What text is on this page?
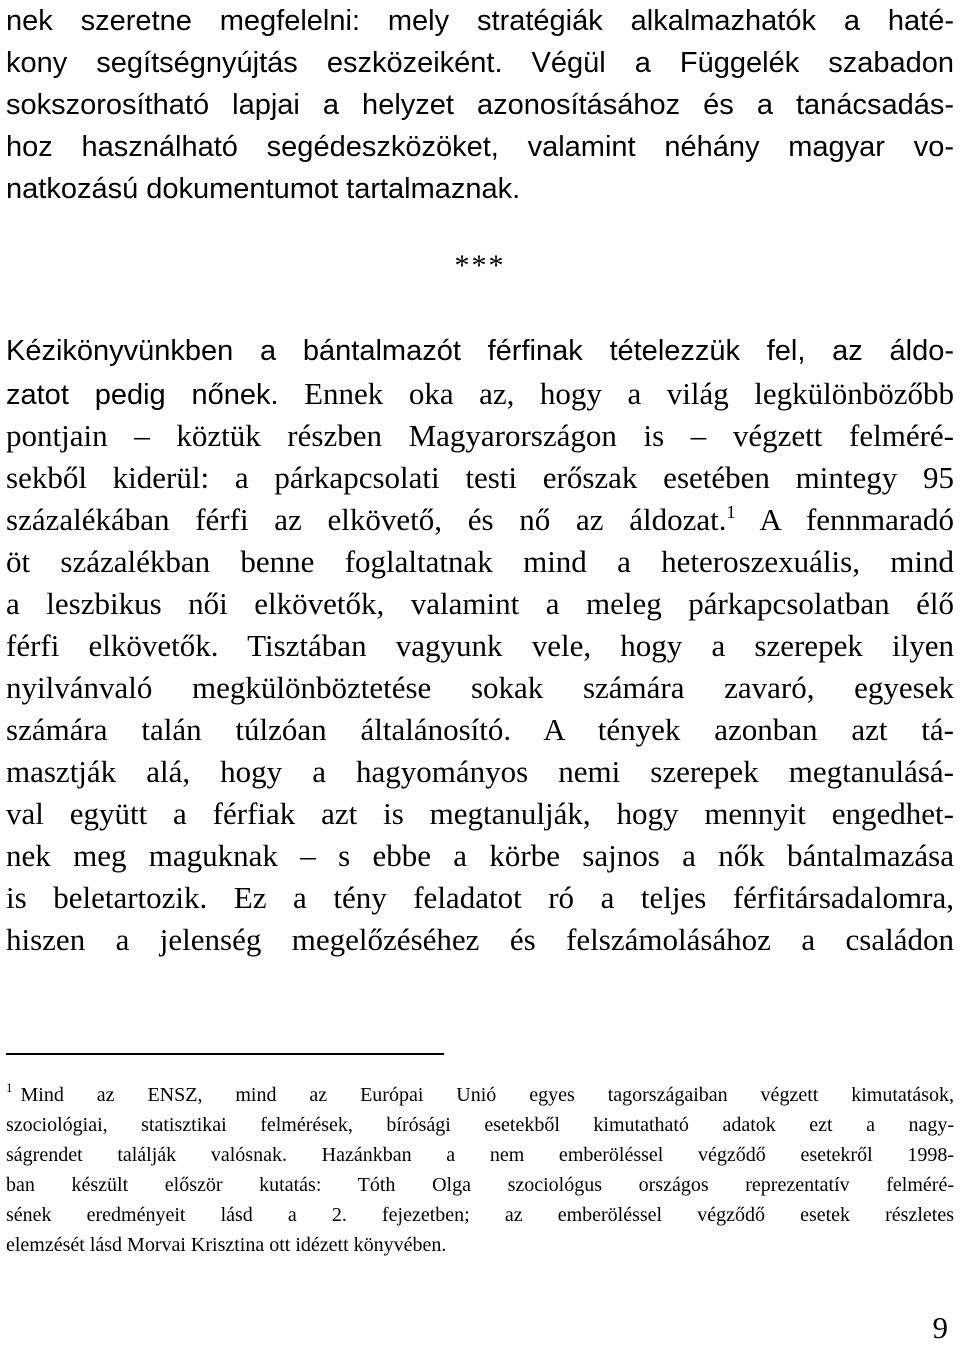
nek szeretne megfelelni: mely stratégiák alkalmazhatók a haté-
kony segítségnyújtás eszközeiként. Végül a Függelék szabadon
sokszorosítható lapjai a helyzet azonosításához és a tanácsadás-
hoz használható segédeszközöket, valamint néhány magyar vo-
natkozású dokumentumot tartalmaznak.
***
Kézikönyvünkben a bántalmazót férfinak tételezzük fel, az áldo-
zatot pedig nőnek. Ennek oka az, hogy a világ legkülönbözőbb
pontjain – köztük részben Magyarországon is – végzett felméré-
sekből kiderül: a párkapcsolati testi erőszak esetében mintegy 95
százalékában férfi az elkövető, és nő az áldozat.$^1$ A fennmaradó
öt százalékban benne foglaltatnak mind a heteroszexuális, mind
a leszbikus női elkövetők, valamint a meleg párkapcsolatban élő
férfi elkövetők. Tisztában vagyunk vele, hogy a szerepek ilyen
nyilvánvaló megkülönböztetése sokak számára zavaró, egyesek
számára talán túlzóan általánosító. A tények azonban azt tá-
masztják alá, hogy a hagyományos nemi szerepek megtanulásá-
val együtt a férfiak azt is megtanulják, hogy mennyit engedhet-
nek meg maguknak – s ebbe a körbe sajnos a nők bántalmazása
is beletartozik. Ez a tény feladatot ró a teljes férfitársadalomra,
hiszen a jelenség megelőzéséhez és felszámolásához a családon
$^1$ Mind az ENSZ, mind az Európai Unió egyes tagországaiban végzett kimutatások,
szociológiai, statisztikai felmérések, bírósági esetekből kimutatható adatok ezt a nagy-
ságrendet találják valósnak. Hazánkban a nem emberöléssel végződő esetekről 1998-
ban készült először kutatás: Tóth Olga szociológus országos reprezentatív felméré-
sének eredményeit lásd a 2. fejezetben; az emberöléssel végződő esetek részletes
elemzését lásd Morvai Krisztina ott idézett könyvében.
9
